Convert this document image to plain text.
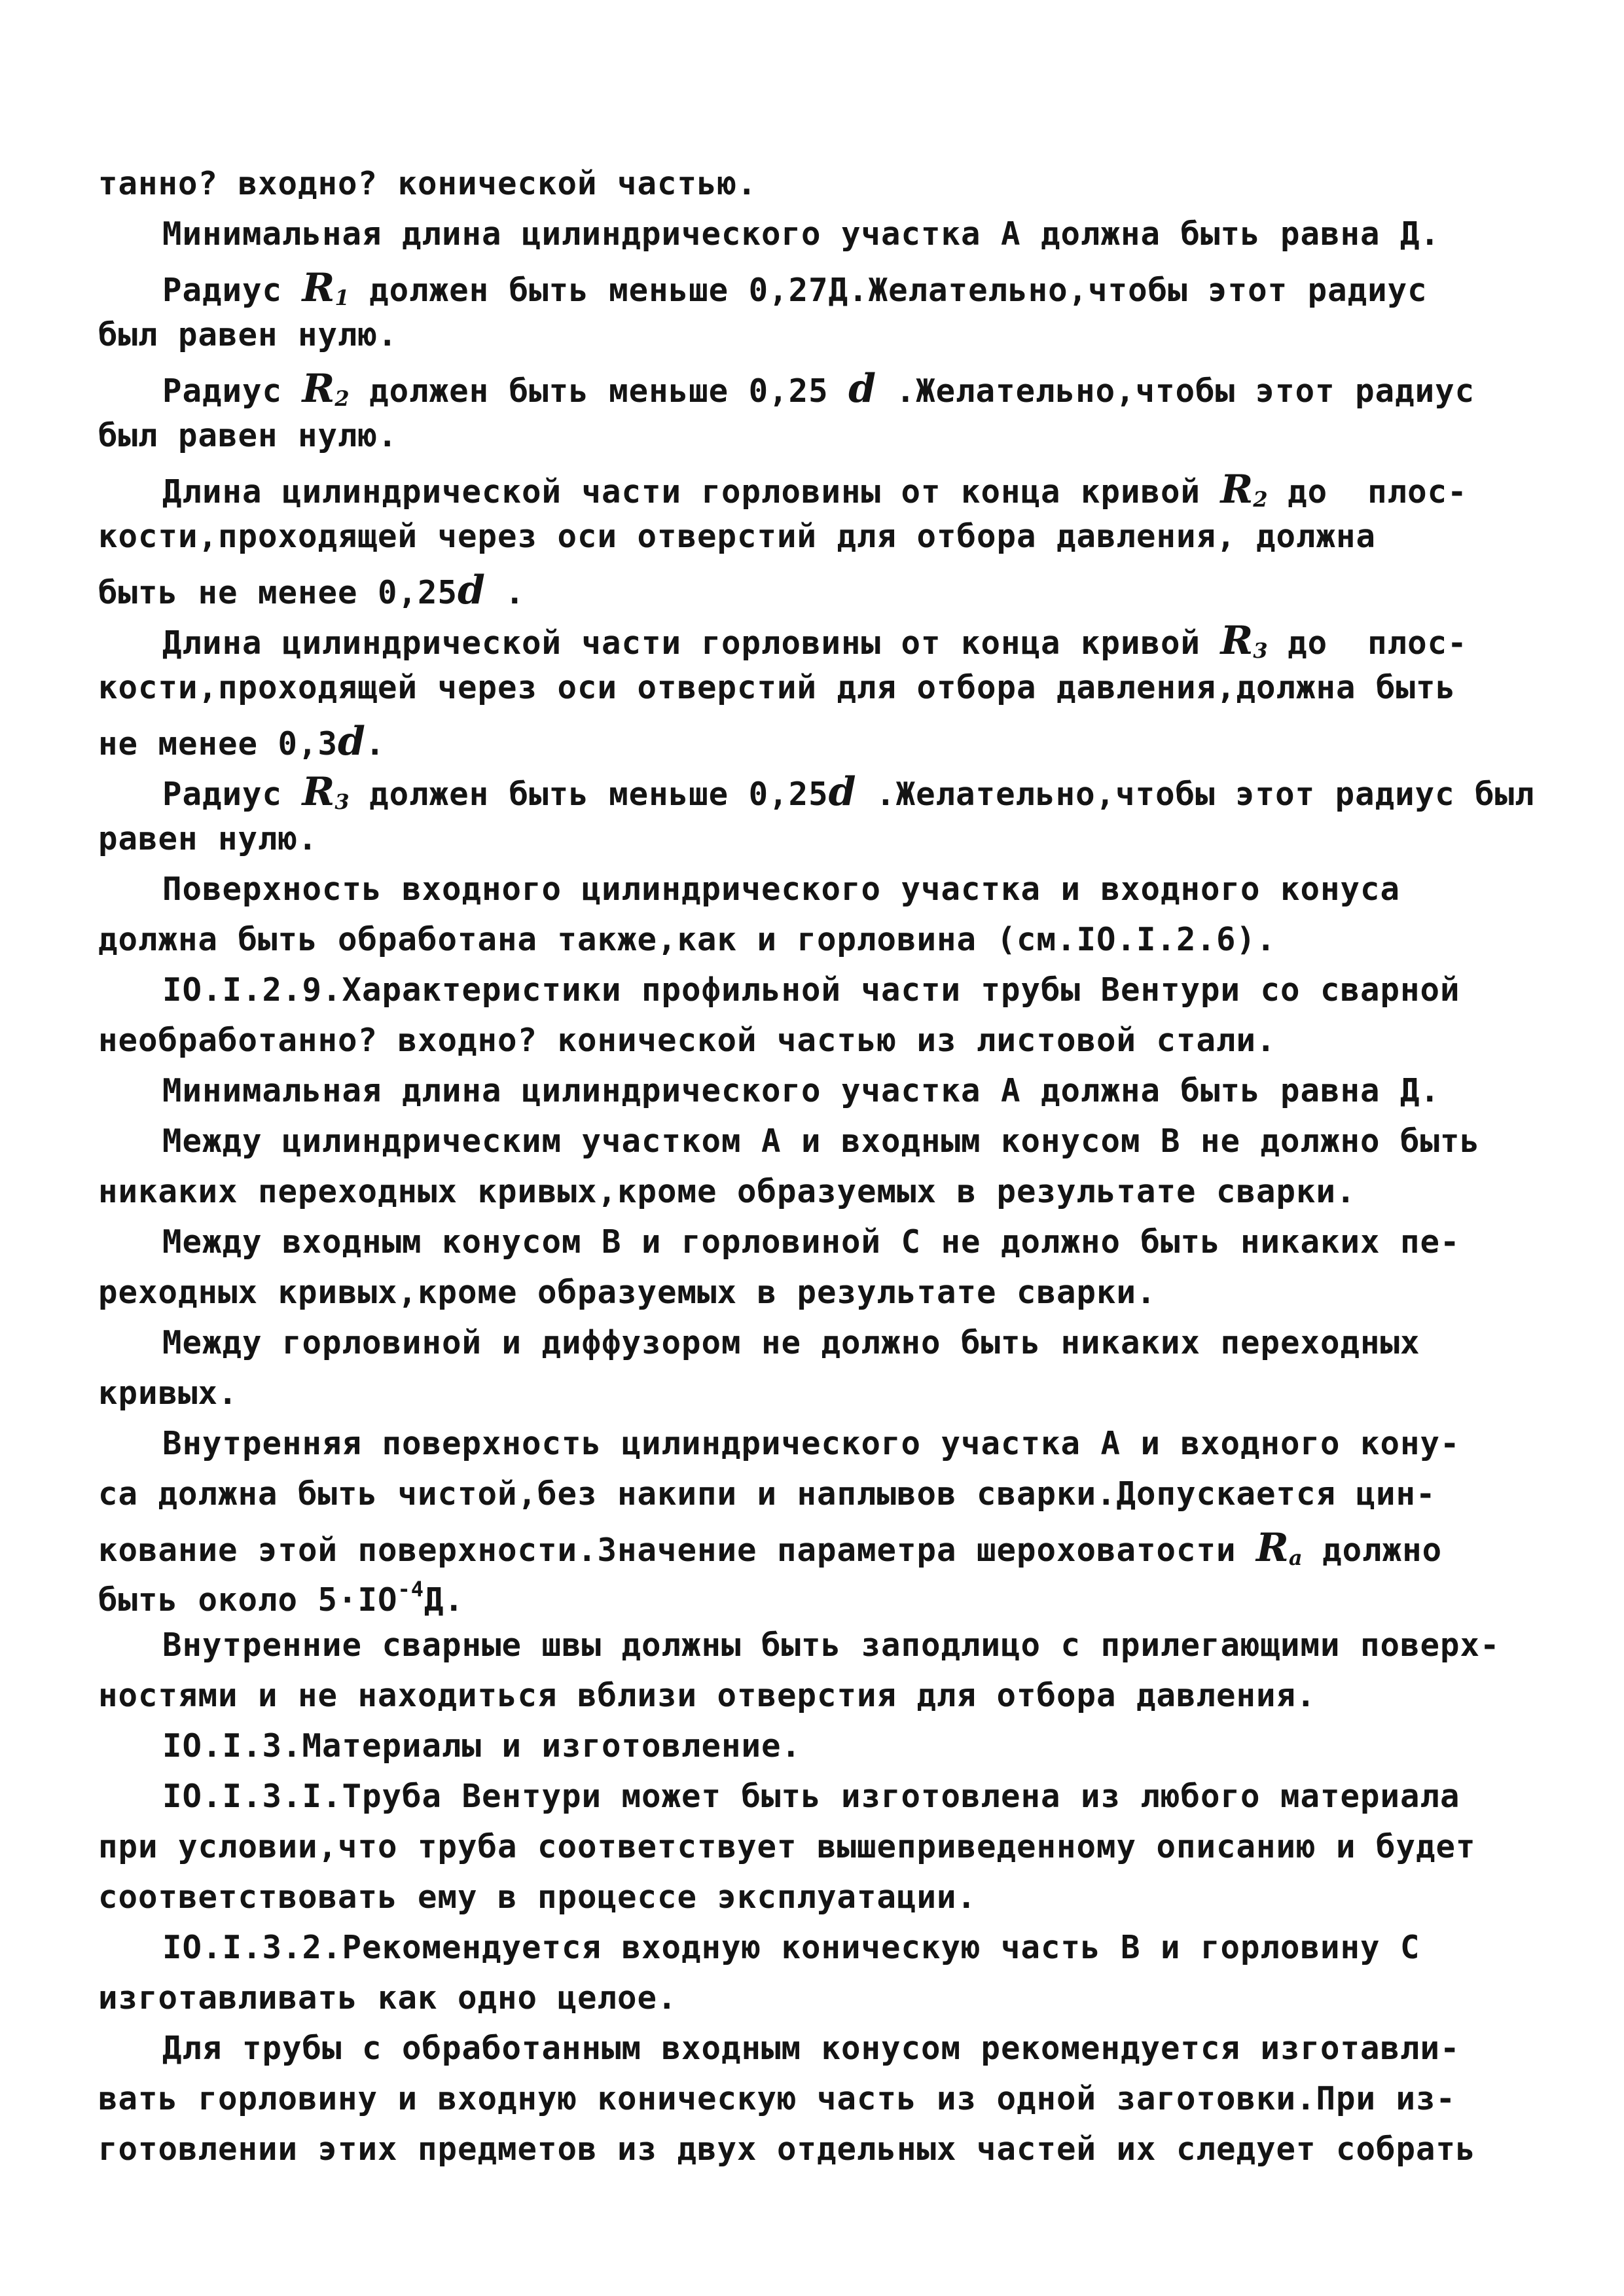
танно? входно? конической частью.
Минимальная длина цилиндрического участка А должна быть равна Д.
Радиус $R_1$ должен быть меньше 0,27Д.Желательно,чтобы этот радиус
был равен нулю.
Радиус $R_2$ должен быть меньше 0,25 d .Желательно,чтобы этот радиус
был равен нулю.
Длина цилиндрической части горловины от конца кривой $R_2$ до  плос-
кости,проходящей через оси отверстий для отбора давления, должна
быть не менее 0,25d .
Длина цилиндрической части горловины от конца кривой $R_3$ до  плос-
кости,проходящей через оси отверстий для отбора давления,должна быть
не менее 0,3d.
Радиус $R_3$ должен быть меньше 0,25d .Желательно,чтобы этот радиус был
равен нулю.
Поверхность входного цилиндрического участка и входного конуса
должна быть обработана также,как и горловина (см.IO.I.2.6).
IO.I.2.9.Характеристики профильной части трубы Вентури со сварной
необработанно? входно? конической частью из листовой стали.
Минимальная длина цилиндрического участка А должна быть равна Д.
Между цилиндрическим участком А и входным конусом В не должно быть
никаких переходных кривых,кроме образуемых в результате сварки.
Между входным конусом В и горловиной С не должно быть никаких пе-
реходных кривых,кроме образуемых в результате сварки.
Между горловиной и диффузором не должно быть никаких переходных
кривых.
Внутренняя поверхность цилиндрического участка А и входного кону-
са должна быть чистой,без накипи и наплывов сварки.Допускается цин-
кование этой поверхности.Значение параметра шероховатости $R_a$ должно
быть около $5\cdot IO^{-4}Д$.
Внутренние сварные швы должны быть заподлицо с прилегающими поверх-
ностями и не находиться вблизи отверстия для отбора давления.
IO.I.3.Материалы и изготовление.
IO.I.3.I.Труба Вентури может быть изготовлена из любого материала
при условии,что труба соответствует вышеприведенному описанию и будет
соответствовать ему в процессе эксплуатации.
IO.I.3.2.Рекомендуется входную коническую часть В и горловину С
изготавливать как одно целое.
Для трубы с обработанным входным конусом рекомендуется изготавли-
вать горловину и входную коническую часть из одной заготовки.При из-
готовлении этих предметов из двух отдельных частей их следует собрать
